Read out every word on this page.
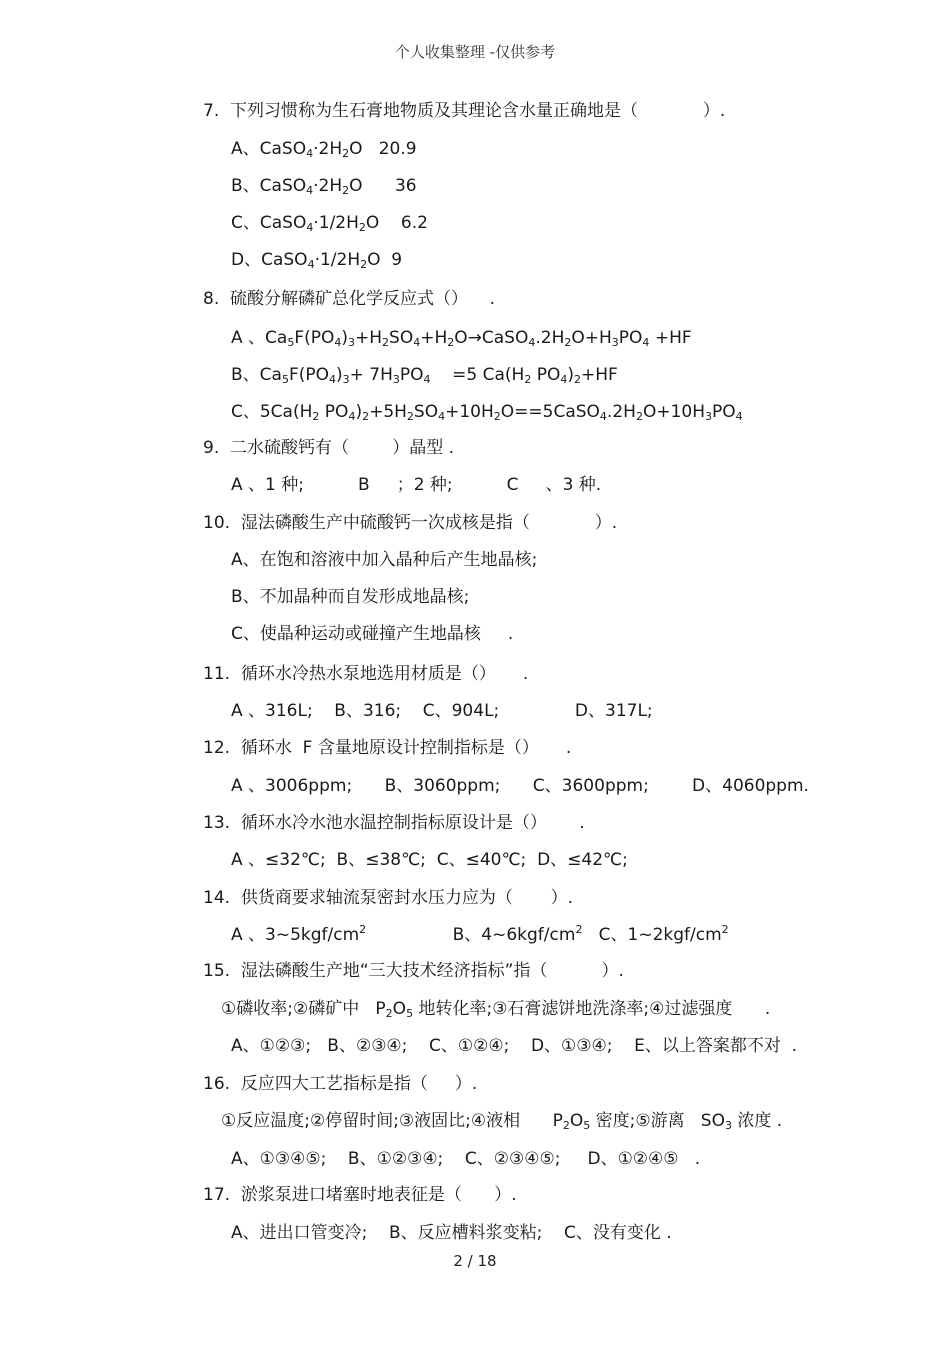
个人收集整理 -仅供参考
7.  下列习惯称为生石膏地物质及其理论含水量正确地是（            ）.
A、$CaSO_4\cdot 2H_2O$   20.9
B、$CaSO_4\cdot 2H_2O$      36
C、$CaSO_4\cdot 1/2H_2O$    6.2
D、$CaSO_4\cdot 1/2H_2O$  9
8.  硫酸分解磷矿总化学反应式（）    .
A 、$Ca_5F(PO_4)_3+H_2SO_4+H_2O\to CaSO_4.2H_2O+H_3PO_4 +HF$
B、$Ca_5F(PO_4)_3+ 7H_3PO_4$    =5 $Ca(H_2$ $PO_4)_2+HF$
C、$5Ca(H_2$ $PO_4)_2+5H_2SO_4+10H_2O==5CaSO_4.2H_2O+10H_3PO_4$
9.  二水硫酸钙有（        ）晶型 .
A 、1 种;          B     ；2 种;          C     、3 种.
10.  湿法磷酸生产中硫酸钙一次成核是指（            ）.
A、在饱和溶液中加入晶种后产生地晶核;
B、不加晶种而自发形成地晶核;
C、使晶种运动或碰撞产生地晶核     .
11.  循环水冷热水泵地选用材质是（）     .
A 、316L;    B、316;    C、904L;              D、317L;
12.  循环水  F 含量地原设计控制指标是（）     .
A 、3006ppm;      B、3060ppm;      C、3600ppm;        D、4060ppm.
13.  循环水冷水池水温控制指标原设计是（）      .
A 、≤32℃;  B、≤38℃;  C、≤40℃;  D、≤42℃;
14.  供货商要求轴流泵密封水压力应为（       ）.
A 、$3\sim 5kgf/cm^2$                B、$4\sim 6kgf/cm^2$   C、$1\sim 2kgf/cm^2$
15.  湿法磷酸生产地“三大技术经济指标”指（          ）.
①磷收率;②磷矿中   $P_2O_5$ 地转化率;③石膏滤饼地洗涤率;④过滤强度      .
A、①②③;   B、②③④;    C、①②④;    D、①③④;    E、以上答案都不对  .
16.  反应四大工艺指标是指（     ）.
①反应温度;②停留时间;③液固比;④液相      $P_2O_5$ 密度;⑤游离   $SO_3$ 浓度 .
A、①③④⑤;    B、①②③④;    C、②③④⑤;     D、①②④⑤   .
17.  淤浆泵进口堵塞时地表征是（      ）.
A、进出口管变冷;    B、反应槽料浆变粘;    C、没有变化 .
2 / 18
